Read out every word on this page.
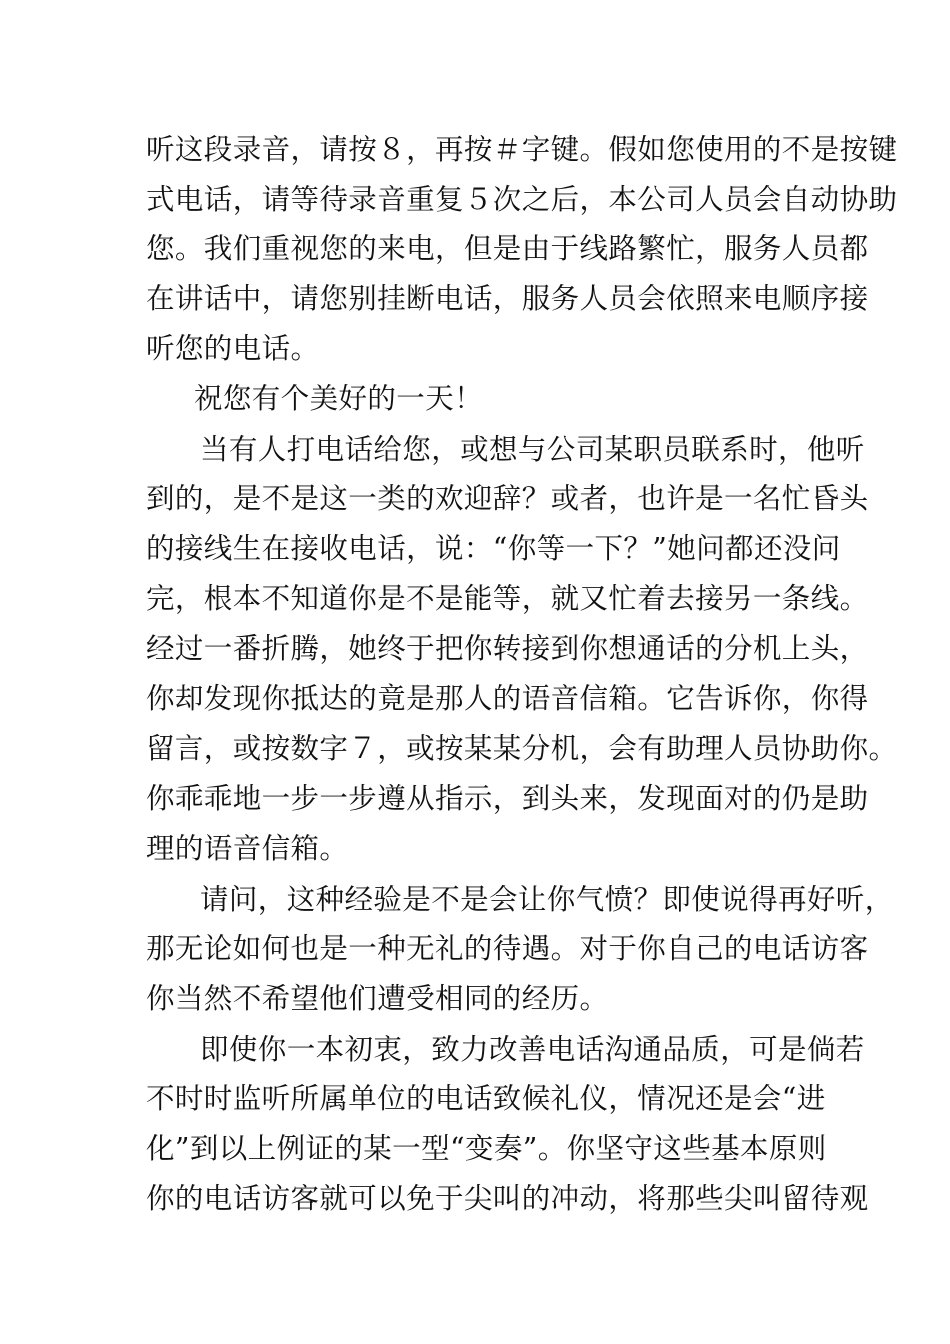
听这段录音，请按８，再按＃字键。假如您使用的不是按键
式电话，请等待录音重复５次之后，本公司人员会自动协助
您。我们重视您的来电，但是由于线路繁忙，服务人员都
在讲话中，请您别挂断电话，服务人员会依照来电顺序接
听您的电话。
祝您有个美好的一天！
当有人打电话给您，或想与公司某职员联系时，他听
到的，是不是这一类的欢迎辞？或者，也许是一名忙昏头
的接线生在接收电话，说：“你等一下？”她问都还没问
完，根本不知道你是不是能等，就又忙着去接另一条线。
经过一番折腾，她终于把你转接到你想通话的分机上头，
你却发现你抵达的竟是那人的语音信箱。它告诉你，你得
留言，或按数字７，或按某某分机，会有助理人员协助你。
你乖乖地一步一步遵从指示，到头来，发现面对的仍是助
理的语音信箱。
请问，这种经验是不是会让你气愤？即使说得再好听，
那无论如何也是一种无礼的待遇。对于你自己的电话访客
你当然不希望他们遭受相同的经历。
即使你一本初衷，致力改善电话沟通品质，可是倘若
不时时监听所属单位的电话致候礼仪，情况还是会“进
化”到以上例证的某一型“变奏”。你坚守这些基本原则
你的电话访客就可以免于尖叫的冲动，将那些尖叫留待观
